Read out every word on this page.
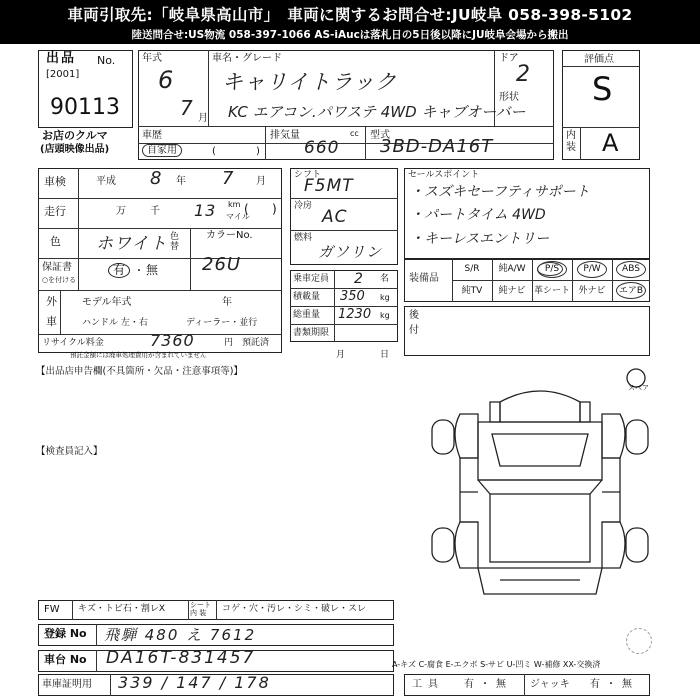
車両引取先:「岐阜県高山市」　車両に関するお問合せ:JU岐阜 058-398-5102
陸送問合せ:US物流 058-397-1066 AS-iAucは落札日の5日後以降にJU岐阜会場から搬出
出品 No.
[2001]
90113
お店のクルマ
(店頭映像出品)
年式
6
7 月
車名・グレード
キャリイトラック
KC エアコン.パワステ 4WD キャブオーバー
ドア
2
形状
車歴
(	)
自家用
排気量
660
cc 型式
3BD-DA16T
評価点
S
内装 A
車検	平成 8 年 7 月
走行	万 千 13 km
マイル
( )
色 ホワイト 色替
カラーNo.
26U
保証書
○を付ける
有 ・ 無
外
車
モデル年式	年
ハンドル 左・右	ディーラー・並行
リサイクル料金	7360	円 預託済
預託金額には廃車処理費用が含まれていません
シフト
F5MT
冷房
AC
燃料
ガソリン
乗車定員 2 名
積載量 350 kg
総重量 1230 kg
書類期限
月	日
セールスポイント
・スズキセーフティサポート
・パートタイム 4WD
・キーレスエントリー
装備品
S/R	純A/W	P/S	P/W	ABS
純TV	純ナビ 革シート 外ナビ	エアB
後
付
【出品店申告欄(不具箇所・欠品・注意事項等)】
【検査員記入】
スペア
FW キズ・トビ石・割レX	シート 内 装	コゲ・穴・汚レ・シミ・破レ・スレ
登録 No 飛騨 480 え 7612
車台 No DA16T-831457	A-キズ C-腐食 E-エクボ S-サビ U-凹ミ W-補修 XX-交換済
車庫証明用 339 / 147 / 178	工具 有 ・ 無 ジャッキ 有 ・ 無
